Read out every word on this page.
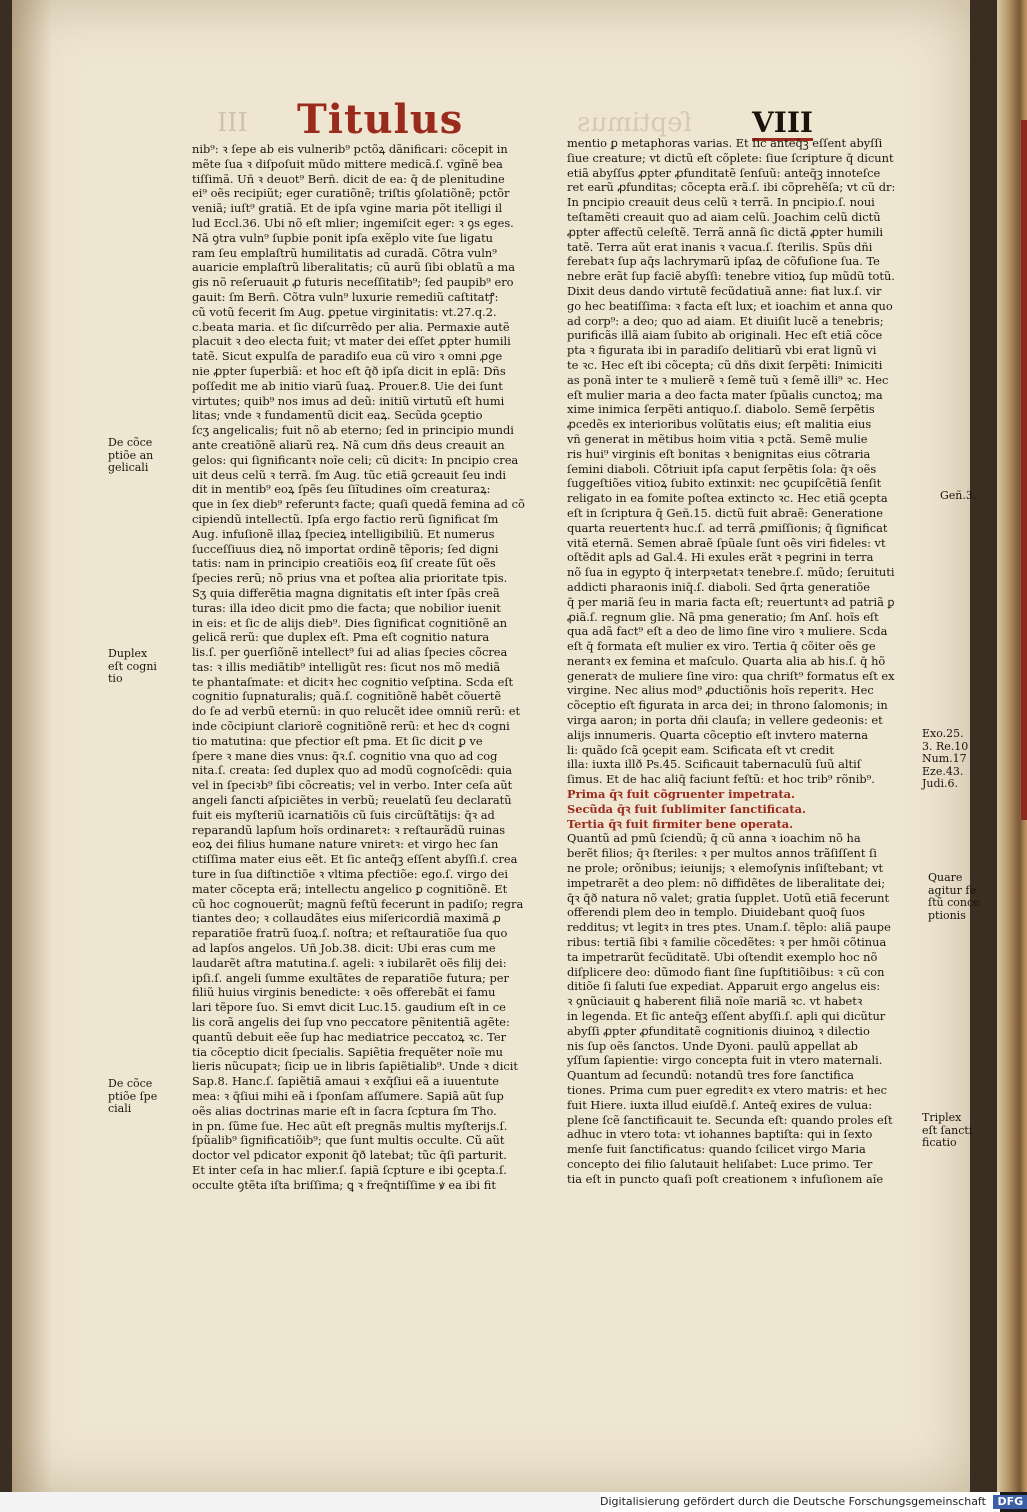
III	ſeptimus
Titulus	VIII
nib⁹: ꝛ ſepe ab eis vulnerib⁹ pctõꝝ dãnificari: cõcepit in
mẽte ſua ꝛ diſpoſuit mũdo mittere medicã.ſ. vgĩnẽ bea
tiſſimã. Uñ ꝛ deuot⁹ Bern̄. dicit de ea: q̄ de plenitudine
ei⁹ oẽs recipiũt; eger curatiõnẽ; triſtis ꝯſolatiõnẽ; pctõr
veniã; iuſt⁹ gratiã. Et de ipſa vgine maria põt itelligi il
lud Eccl.36. Ubi nõ eſt mlier; ingemiſcit eger: ꝛ ꝯs eges.
Nã ꝯtra vuln⁹ ſupbie ponit ipſa exẽplo vite ſue ligatu
ram ſeu emplaſtrũ humilitatis ad curadã. Cõtra vuln⁹
auaricie emplaſtrũ liberalitatis; cũ aurũ ſibi oblatũ a ma
gis nõ reſeruauit ꝓ futuris neceſſitatib⁹; ſed paupib⁹ ero
gauit: ſm Bern̄. Cõtra vuln⁹ luxurie remediũ caſtitatꝭ:
cũ votũ fecerit ſm Aug. ꝑpetue virginitatis: vt.27.q.2.
c.beata maria. et ſic diſcurrẽdo per alia. Permaxie autẽ
placuit ꝛ deo electa fuit; vt mater dei eſſet ꝓpter humili
tatẽ. Sicut expulſa de paradiſo eua cũ viro ꝛ omni ꝓge
nie ꝓpter ſuperbiã: et hoc eſt q̄ð ipſa dicit in eplã: Dñs
poſſedit me ab initio viarũ ſuaꝝ. Prouer.8. Uie dei ſunt
virtutes; quib⁹ nos imus ad deũ: initiũ virtutũ eſt humi
litas; vnde ꝛ fundamentũ dicit eaꝝ. Secũda ꝯceptio
ſcʒ angelicalis; fuit nõ ab eterno; ſed in principio mundi
ante creatiõnẽ aliarũ reꝝ. Nã cum dñs deus creauit an
gelos: qui ſignificantꝛ noĩe celi; cũ dicitꝛ: In pncipio crea
uit deus celũ ꝛ terrã. ſm Aug. tũc etiã ꝯcreauit ſeu indi
dit in mentib⁹ eoꝝ ſpẽs ſeu ſiĩtudines oĩm creaturaꝝ:
que in ſex dieb⁹ referuntꝛ facte; quaſi quedã femina ad cõ
cipiendũ intellectũ. Ipſa ergo factio rerũ ſignificat ſm
Aug. infuſionẽ illaꝝ ſpecieꝝ intelligibiliũ. Et numerus
ſucceſſiuus dieꝝ nõ importat ordinẽ tẽporis; ſed digni
tatis: nam in principio creatiõis eoꝝ ſiſ create ſũt oẽs
ſpecies rerũ; nõ prius vna et poſtea alia prioritate tpis.
Sʒ quia differẽtia magna dignitatis eſt inter ſpãs creã
turas: illa ideo dicit pmo die facta; que nobilior iuenit
in eis: et ſic de alijs dieb⁹. Dies ſignificat cognitiõnẽ an
gelicã rerũ: que duplex eſt. Pma eſt cognitio natura
lis.ſ. per ꝯuerſiõnẽ intellect⁹ ſui ad alias ſpecies cõcrea
tas: ꝛ illis mediãtib⁹ intelligũt res: ſicut nos mõ mediã
te phantaſmate: et dicitꝛ hec cognitio veſptina. Scda eſt
cognitio ſupnaturalis; quã.ſ. cognitiõnẽ habẽt cõuertẽ
do ſe ad verbũ eternũ: in quo relucẽt idee omniũ rerũ: et
inde cõcipiunt clariorẽ cognitiõnẽ rerũ: et hec dꝛ cogni
tio matutina: que pfectior eſt pma. Et ſic dicit ꝑ ve
ſpere ꝛ mane dies vnus: q̄ꝛ.ſ. cognitio vna quo ad cog
nita.ſ. creata: ſed duplex quo ad modũ cognoſcẽdi: quia
vel in ſpeciꝛb⁹ ſibi cõcreatis; vel in verbo. Inter ceſa aũt
angeli ſancti aſpiciẽtes in verbũ; reuelatũ ſeu declaratũ
fuit eis myſteriũ icarnatiõis cũ ſuis circũſtãtijs: q̄ꝛ ad
reparandũ lapſum hoĩs ordinaretꝛ: ꝛ reſtaurãdũ ruinas
eoꝝ dei filius humane nature vniretꝛ: et virgo hec ſan
ctiſſima mater eius eẽt. Et ſic anteq̄ꝫ eſſent abyſſi.ſ. crea
ture in ſua diſtinctiõe ꝛ vltima pfectiõe: ego.ſ. virgo dei
mater cõcepta erã; intellectu angelico ꝑ cognitiõnẽ. Et
cũ hoc cognouerũt; magnũ feſtũ fecerunt in padiſo; regra
tiantes deo; ꝛ collaudãtes eius miſericordiã maximã ꝓ
reparatiõe fratrũ ſuoꝝ.ſ. noſtra; et reſtauratiõe ſua quo
ad lapſos angelos. Uñ Job.38. dicit: Ubi eras cum me
laudarẽt aſtra matutina.ſ. ageli: ꝛ iubilarẽt oẽs filij dei:
ipſi.ſ. angeli ſumme exultãtes de reparatiõe futura; per
filiũ huius virginis benedicte: ꝛ oẽs offerebãt ei famu
lari tẽpore ſuo. Si emvt dicit Luc.15. gaudium eſt in ce
lis corã angelis dei ſup vno peccatore pẽnitentiã agẽte:
quantũ debuit eẽe ſup hac mediatrice peccatoꝝ ꝛc. Ter
tia cõceptio dicit ſpecialis. Sapiẽtia frequẽter noĩe mu
lieris nũcupatꝛ; ſicip ue in libris ſapiẽtialib⁹. Unde ꝛ dicit
Sap.8. Hanc.ſ. ſapiẽtiã amaui ꝛ exq̄ſiui eã a iuuentute
mea: ꝛ q̄ſiui mihi eã i ſponſam aſſumere. Sapiã aũt ſup
oẽs alias doctrinas marie eſt in ſacra ſcptura ſm Tho.
in pn. ſũme ſue. Hec aũt eſt pregnãs multis myſterijs.ſ.
ſpũalib⁹ ſignificatiõib⁹; que ſunt multis occulte. Cũ aũt
doctor vel pdicator exponit q̄ð latebat; tũc q̄ſi parturit.
Et inter ceſa in hac mlier.ſ. ſapiã ſcpture e ibi ꝯcepta.ſ.
occulte ꝯtẽta iſta briſſima; ꝗ ꝛ freq̄ntiſſime ꝟ ea ibi fit
mentio ꝑ metaphoras varias. Et ſic anteq̄ꝫ eſſent abyſſi
ſiue creature; vt dictũ eſt cõplete: ſiue ſcripture q̄ dicunt
etiã abyſſus ꝓpter ꝓfunditatẽ ſenſuũ: anteq̄ꝫ innoteſce
ret earũ ꝓfunditas; cõcepta erã.ſ. ibi cõprehẽſa; vt cũ dr:
In pncipio creauit deus celũ ꝛ terrã. In pncipio.ſ. noui
teſtamẽti creauit quo ad aiam celũ. Joachim celũ dictũ
ꝓpter affectũ celeſtẽ. Terrã annã ſic dictã ꝓpter humili
tatẽ. Terra aũt erat inanis ꝛ vacua.ſ. ſterilis. Spũs dñi
ferebatꝛ ſup aq̄s lachrymarũ ipſaꝝ de cõfuſione ſua. Te
nebre erãt ſup faciẽ abyſſi: tenebre vitioꝝ ſup mũdũ totũ.
Dixit deus dando virtutẽ fecũdatiuã anne: fiat lux.ſ. vir
go hec beatiſſima: ꝛ facta eſt lux; et ioachim et anna quo
ad corp⁹: a deo; quo ad aiam. Et diuiſit lucẽ a tenebris;
purificãs illã aiam ſubito ab originali. Hec eſt etiã cõce
pta ꝛ figurata ibi in paradiſo delitiarũ vbi erat lignũ vi
te ꝛc. Hec eſt ibi cõcepta; cũ dñs dixit ſerpẽti: Inimiciti
as ponã inter te ꝛ mulierẽ ꝛ ſemẽ tuũ ꝛ ſemẽ illi⁹ ꝛc. Hec
eſt mulier maria a deo facta mater ſpũalis cunctoꝝ; ma
xime inimica ſerpẽti antiquo.ſ. diabolo. Semẽ ſerpẽtis
ꝓcedẽs ex interioribus volũtatis eius; eſt malitia eius
vñ generat in mẽtibus hoim vitia ꝛ pctã. Semẽ mulie
ris hui⁹ virginis eſt bonitas ꝛ benignitas eius cõtraria
ſemini diaboli. Cõtriuit ipſa caput ſerpẽtis ſola: q̄ꝛ oẽs
ſuggeſtiões vitioꝝ ſubito extinxit: nec ꝯcupiſcẽtiã ſenſit
religato in ea fomite poſtea extincto ꝛc. Hec etiã ꝯcepta
eſt in ſcriptura q̄ Geñ.15. dictũ fuit abraẽ: Generatione
quarta reuertentꝛ huc.ſ. ad terrã ꝓmiſſionis; q̄ ſignificat
vitã eternã. Semen abraẽ ſpũale ſunt oẽs viri fideles: vt
oſtẽdit apls ad Gal.4. Hi exules erãt ꝛ pegrini in terra
nõ ſua in egypto q̄ interpꝛetatꝛ tenebre.ſ. mũdo; ſeruituti
addicti pharaonis iniq̄.ſ. diaboli. Sed q̄rta generatiõe
q̄ per mariã ſeu in maria facta eſt; reuertuntꝛ ad patriã ꝑ
ꝓiã.ſ. regnum glie. Nã pma generatio; ſm Anſ. hoĩs eſt
qua adã fact⁹ eſt a deo de limo ſine viro ꝛ muliere. Scda
eſt q̄ formata eſt mulier ex viro. Tertia q̄ cõiter oẽs ge
nerantꝛ ex femina et maſculo. Quarta alia ab his.ſ. q̄ hõ
generatꝛ de muliere ſine viro: qua chriſt⁹ formatus eſt ex
virgine. Nec alius mod⁹ ꝓductiõnis hoĩs reperitꝛ. Hec
cõceptio eſt figurata in arca dei; in throno ſalomonis; in
virga aaron; in porta dñi clauſa; in vellere gedeonis: et
alijs innumeris. Quarta cõceptio eſt invtero materna
li: quãdo ſcã ꝯcepit eam. Scificata eſt vt credit
illa: iuxta illð Ps.45. Scificauit tabernaculũ ſuũ altiſ
ſimus. Et de hac aliq̄ faciunt feſtũ: et hoc trib⁹ rõnib⁹.
Prima q̄ꝛ fuit cõgruenter impetrata.
Secũda q̄ꝛ fuit ſublimiter ſanctificata.
Tertia q̄ꝛ fuit firmiter bene operata.
Quantũ ad pmũ ſciendũ; q̄ cũ anna ꝛ ioachim nõ ha
berẽt filios; q̄ꝛ ſteriles: ꝛ per multos annos trãſiſſent ſi
ne prole; orõnibus; ieiunijs; ꝛ elemoſynis inſiſtebant; vt
impetrarẽt a deo plem: nõ diffidẽtes de liberalitate dei;
q̄ꝛ q̄ð natura nõ valet; gratia ſupplet. Uotũ etiã fecerunt
offerendi plem deo in templo. Diuidebant quoq̄ ſuos
redditus; vt legitꝛ in tres ptes. Unam.ſ. tẽplo: aliã paupe
ribus: tertiã ſibi ꝛ familie cõcedẽtes: ꝛ per hmõi cõtinua
ta impetrarũt fecũditatẽ. Ubi oſtendit exemplo hoc nõ
diſplicere deo: dũmodo fiant ſine ſupſtitiõibus: ꝛ cũ con
ditiõe ſi ſaluti ſue expediat. Apparuit ergo angelus eis:
ꝛ ꝯnũciauit ꝗ haberent filiã noĩe mariã ꝛc. vt habetꝛ
in legenda. Et ſic anteq̄ꝫ eſſent abyſſi.ſ. apli qui dicũtur
abyſſi ꝓpter ꝓfunditatẽ cognitionis diuinoꝝ ꝛ dilectio
nis ſup oẽs ſanctos. Unde Dyoni. paulũ appellat ab
yſſum ſapientie: virgo concepta fuit in vtero maternali.
Quantum ad ſecundũ: notandũ tres fore ſanctifica
tiones. Prima cum puer egreditꝛ ex vtero matris: et hec
fuit Hiere. iuxta illud eiuſdẽ.ſ. Anteq̄ exires de vulua:
plene ſcẽ ſanctificauit te. Secunda eſt: quando proles eſt
adhuc in vtero tota: vt iohannes baptiſta: qui in ſexto
menſe fuit ſanctificatus: quando ſcilicet virgo Maria
concepto dei filio ſalutauit heliſabet: Luce primo. Ter
tia eſt in puncto quaſi poſt creationem ꝛ infuſionem aĩe
De cõce
ptiõe an
gelicali
Duplex
eſt cogni
tio
De cõce
ptiõe ſpe
ciali
Geñ.3.
Exo.25.
3. Re.10
Num.17
Eze.43.
Judi.6.
Quare
agitur fe
ſtũ conce
ptionis
Triplex
eſt ſancti
ficatio
Digitalisierung gefördert durch die Deutsche Forschungsgemeinschaft DFG
